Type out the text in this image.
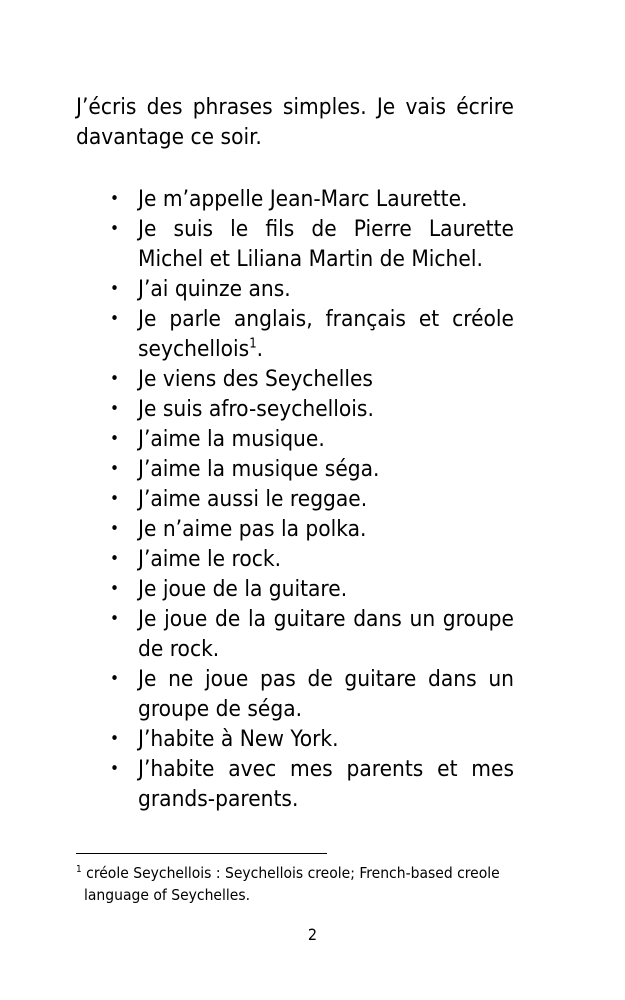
J’écris des phrases simples. Je vais écrire davantage ce soir.

• Je m’appelle Jean-Marc Laurette.
• Je suis le fils de Pierre Laurette Michel et Liliana Martin de Michel.
• J’ai quinze ans.
• Je parle anglais, français et créole seychellois$^1$.
• Je viens des Seychelles
• Je suis afro-seychellois.
• J’aime la musique.
• J’aime la musique séga.
• J’aime aussi le reggae.
• Je n’aime pas la polka.
• J’aime le rock.
• Je joue de la guitare.
• Je joue de la guitare dans un groupe de rock.
• Je ne joue pas de guitare dans un groupe de séga.
• J’habite à New York.
• J’habite avec mes parents et mes grands-parents.
$^1$ créole Seychellois : Seychellois creole; French-based creole
language of Seychelles.
2
